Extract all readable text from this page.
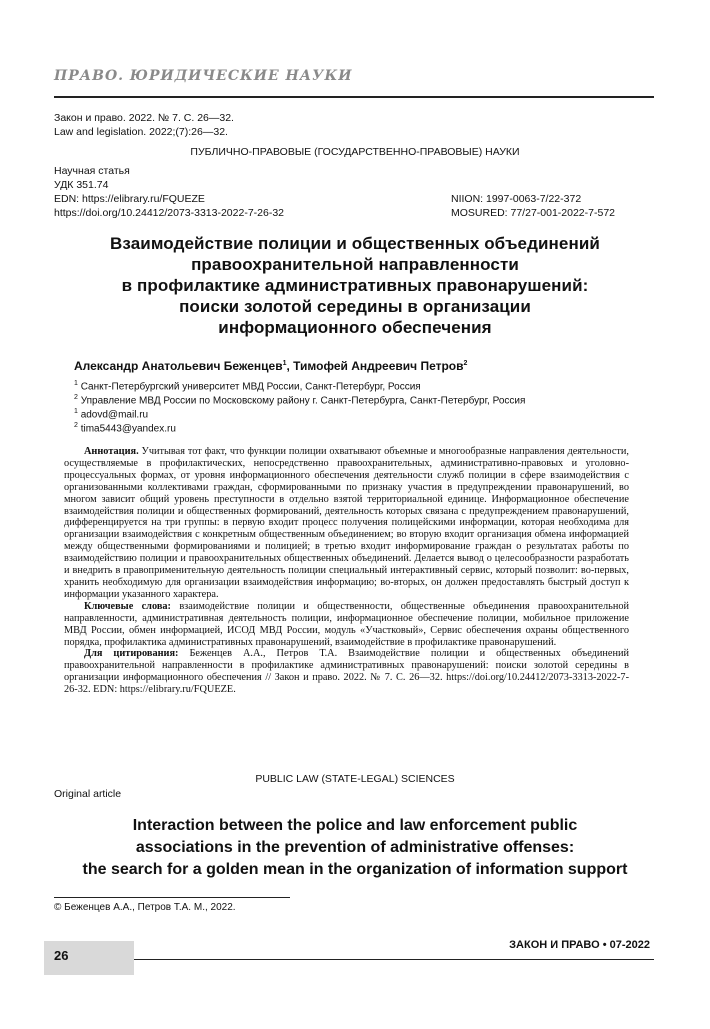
ПРАВО. ЮРИДИЧЕСКИЕ НАУКИ
Закон и право. 2022. № 7. С. 26—32.
Law and legislation. 2022;(7):26—32.
ПУБЛИЧНО-ПРАВОВЫЕ (ГОСУДАРСТВЕННО-ПРАВОВЫЕ) НАУКИ
Научная статья
УДК 351.74
EDN: https://elibrary.ru/FQUEZE
https://doi.org/10.24412/2073-3313-2022-7-26-32
NIION: 1997-0063-7/22-372
MOSURED: 77/27-001-2022-7-572
Взаимодействие полиции и общественных объединений
правоохранительной направленности
в профилактике административных правонарушений:
поиски золотой середины в организации
информационного обеспечения
Александр Анатольевич Беженцев$^1$, Тимофей Андреевич Петров$^2$
$^1$ Санкт-Петербургский университет МВД России, Санкт-Петербург, Россия
$^2$ Управление МВД России по Московскому району г. Санкт-Петербурга, Санкт-Петербург, Россия
$^1$ adovd@mail.ru
$^2$ tima5443@yandex.ru

Аннотация. Учитывая тот факт, что функции полиции охватывают объемные и многообразные направления деятельности, осуществляемые в профилактических, непосредственно правоохранительных, административно-правовых и уголовно-процессуальных формах, от уровня информационного обеспечения деятельности служб полиции в сфере взаимодействия с организованными коллективами граждан, сформированными по признаку участия в предупреждении правонарушений, во многом зависит общий уровень преступности в отдельно взятой территориальной единице. Информационное обеспечение взаимодействия полиции и общественных формирований, деятельность которых связана с предупреждением правонарушений, дифференцируется на три группы: в первую входит процесс получения полицейскими информации, которая необходима для организации взаимодействия с конкретным общественным объединением; во вторую входит организация обмена информацией между общественными формированиями и полицией; в третью входит информирование граждан о результатах работы по взаимодействию полиции и правоохранительных общественных объединений. Делается вывод о целесообразности разработать и внедрить в правоприменительную деятельность полиции специальный интерактивный сервис, который позволит: во-первых, хранить необходимую для организации взаимодействия информацию; во-вторых, он должен предоставлять быстрый доступ к информации указанного характера.

Ключевые слова: взаимодействие полиции и общественности, общественные объединения правоохранительной направленности, административная деятельность полиции, информационное обеспечение полиции, мобильное приложение МВД России, обмен информацией, ИСОД МВД России, модуль «Участковый», Сервис обеспечения охраны общественного порядка, профилактика административных правонарушений, взаимодействие в профилактике правонарушений.

Для цитирования: Беженцев А.А., Петров Т.А. Взаимодействие полиции и общественных объединений правоохранительной направленности в профилактике административных правонарушений: поиски золотой середины в организации информационного обеспечения // Закон и право. 2022. № 7. С. 26—32. https://doi.org/10.24412/2073-3313-2022-7-26-32. EDN: https://elibrary.ru/FQUEZE.

PUBLIC LAW (STATE-LEGAL) SCIENCES
Original article
Interaction between the police and law enforcement public
associations in the prevention of administrative offenses:
the search for a golden mean in the organization of information support
© Беженцев А.А., Петров Т.А. М., 2022.
26
ЗАКОН И ПРАВО • 07-2022
